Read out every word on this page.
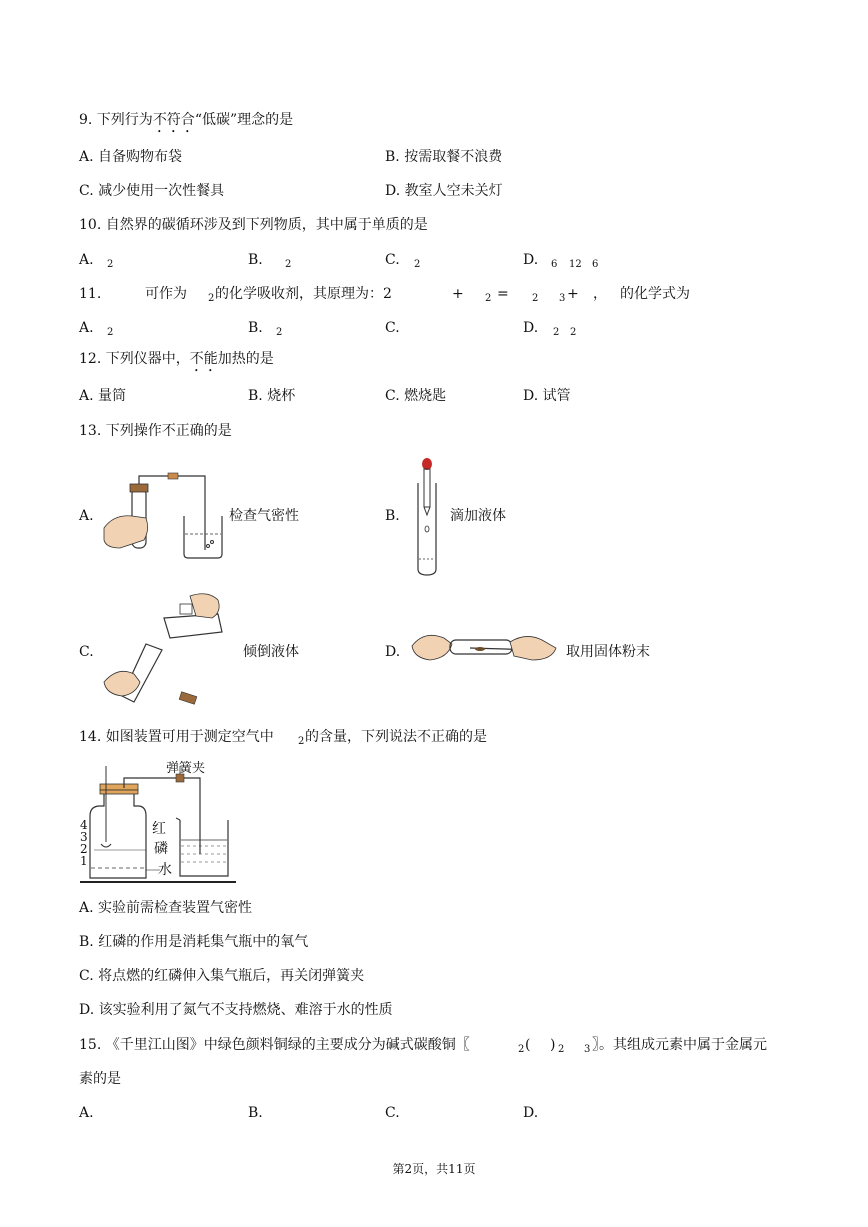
9. 下列行为不符合“低碳”理念的是
A. 自备购物布袋	B. 按需取餐不浪费
C. 减少使用一次性餐具	D. 教室人空未关灯
10. 自然界的碳循环涉及到下列物质，其中属于单质的是
A. 2	B. 2	C. 2	D. 6 12 6
11.	可作为 2 的化学吸收剂，其原理为：2	+ 2 = 2 3 + ， 的化学式为
A. 2	B. 2	C.	D. 2 2
12. 下列仪器中，不能加热的是
A. 量筒	B. 烧杯	C. 燃烧匙	D. 试管
13. 下列操作不正确的是
A.	检查气密性	B.	滴加液体
C.	倾倒液体	D.	取用固体粉末
14. 如图装置可用于测定空气中 2 的含量，下列说法不正确的是
弹簧夹
红
磷
水
4
3
2
1
A. 实验前需检查装置气密性
B. 红磷的作用是消耗集气瓶中的氧气
C. 将点燃的红磷伸入集气瓶后，再关闭弹簧夹
D. 该实验利用了氮气不支持燃烧、难溶于水的性质
15. 《千里江山图》中绿色颜料铜绿的主要成分为碱式碳酸铜〖	2 ( ) 2 3 〗。其组成元素中属于金属元
素的是
A.	B.	C.	D.
第2页，共11页
